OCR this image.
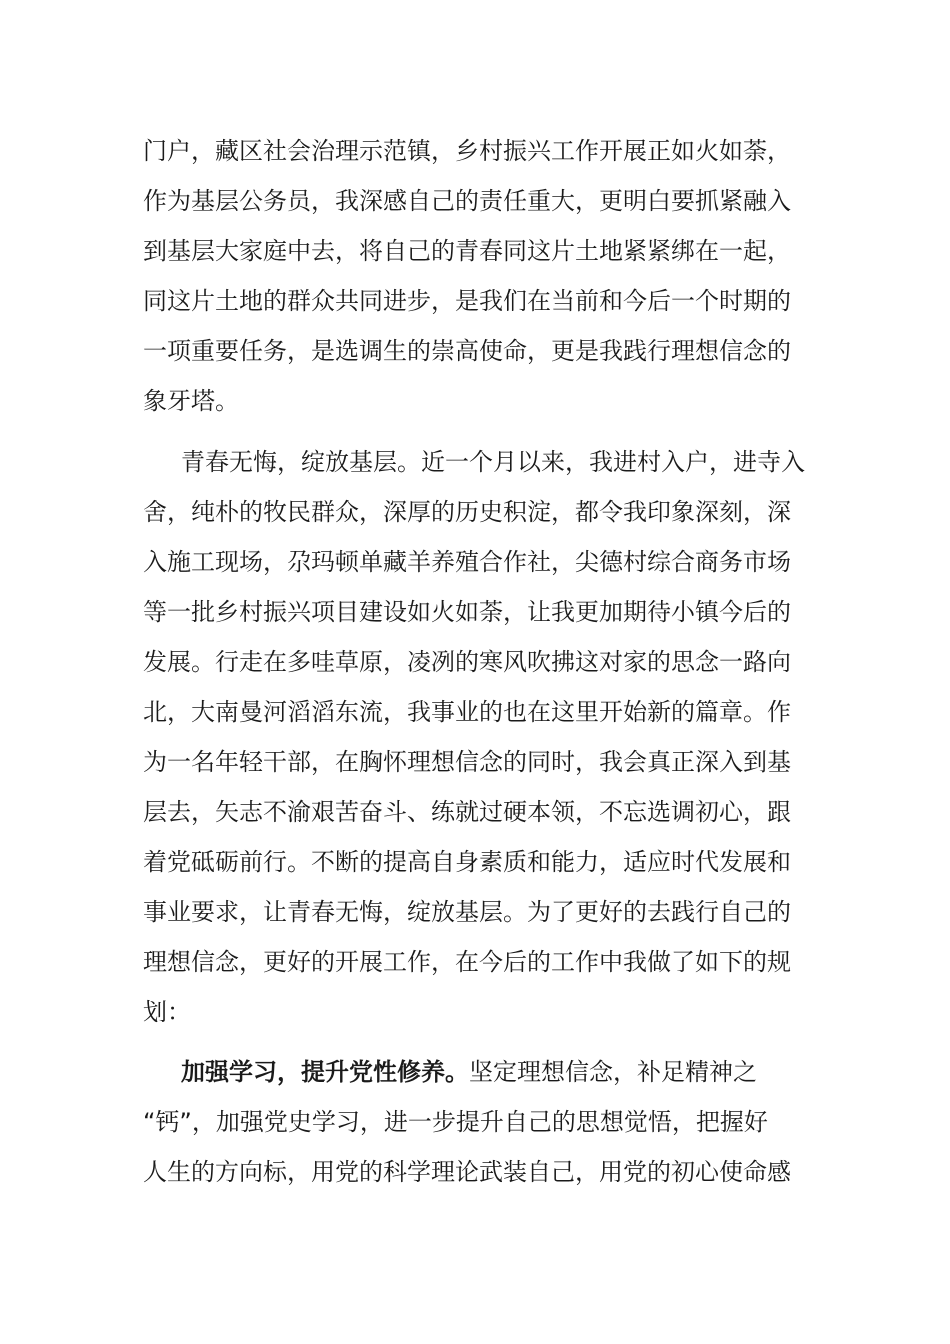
门户，藏区社会治理示范镇，乡村振兴工作开展正如火如荼，
作为基层公务员，我深感自己的责任重大，更明白要抓紧融入
到基层大家庭中去，将自己的青春同这片土地紧紧绑在一起，
同这片土地的群众共同进步，是我们在当前和今后一个时期的
一项重要任务，是选调生的崇高使命，更是我践行理想信念的
象牙塔。
青春无悔，绽放基层。近一个月以来，我进村入户，进寺入
舍，纯朴的牧民群众，深厚的历史积淀，都令我印象深刻，深
入施工现场，尕玛顿单藏羊养殖合作社，尖德村综合商务市场
等一批乡村振兴项目建设如火如荼，让我更加期待小镇今后的
发展。行走在多哇草原，凌冽的寒风吹拂这对家的思念一路向
北，大南曼河滔滔东流，我事业的也在这里开始新的篇章。作
为一名年轻干部，在胸怀理想信念的同时，我会真正深入到基
层去，矢志不渝艰苦奋斗、练就过硬本领，不忘选调初心，跟
着党砥砺前行。不断的提高自身素质和能力，适应时代发展和
事业要求，让青春无悔，绽放基层。为了更好的去践行自己的
理想信念，更好的开展工作，在今后的工作中我做了如下的规
划：
加强学习，提升党性修养。坚定理想信念，补足精神之
“钙”，加强党史学习，进一步提升自己的思想觉悟，把握好
人生的方向标，用党的科学理论武装自己，用党的初心使命感
